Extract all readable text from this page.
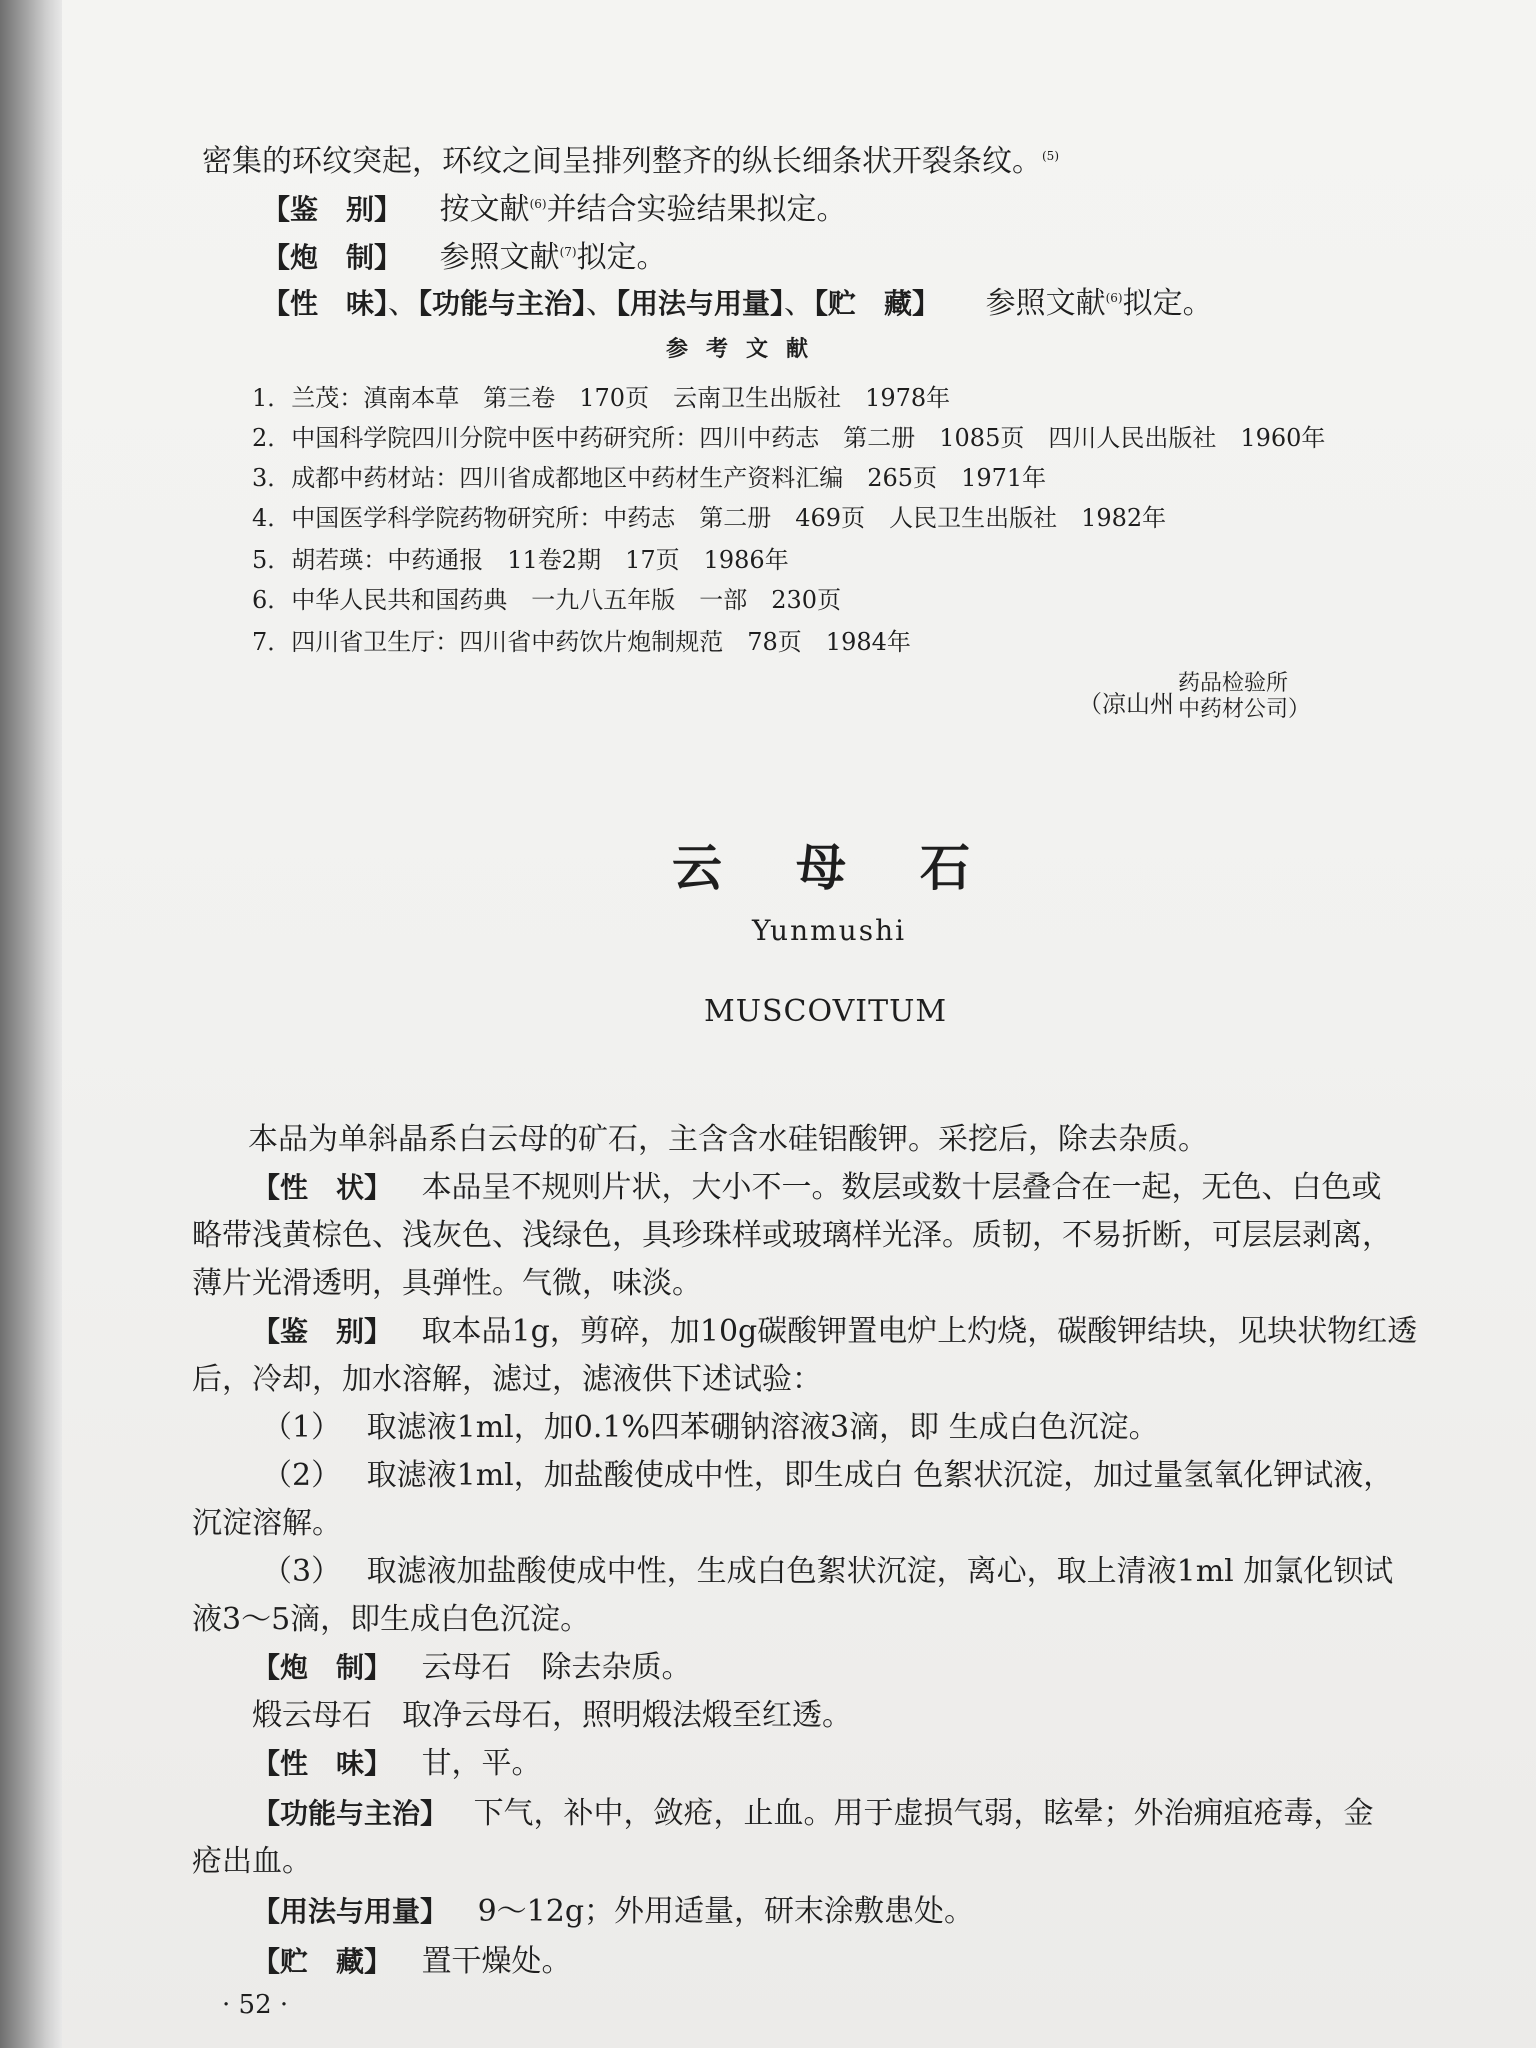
密集的环纹突起，环纹之间呈排列整齐的纵长细条状开裂条纹。$^{(5)}$
【鉴　别】 按文献$^{(6)}$并结合实验结果拟定。
【炮　制】 参照文献$^{(7)}$拟定。
【性　味】、【功能与主治】、【用法与用量】、【贮　藏】 参照文献$^{(6)}$拟定。
参考文献
1．兰茂：滇南本草　第三卷　170页　云南卫生出版社　1978年
2．中国科学院四川分院中医中药研究所：四川中药志　第二册　1085页　四川人民出版社　1960年
3．成都中药材站：四川省成都地区中药材生产资料汇编　265页　1971年
4．中国医学科学院药物研究所：中药志　第二册　469页　人民卫生出版社　1982年
5．胡若瑛：中药通报　11卷2期　17页　1986年
6．中华人民共和国药典　一九八五年版　一部　230页
7．四川省卫生厅：四川省中药饮片炮制规范　78页　1984年
（凉山州
药品检验所
中药材公司）
云母石
Yunmushi
MUSCOVITUM
本品为单斜晶系白云母的矿石，主含含水硅铝酸钾。采挖后，除去杂质。
【性　状】 本品呈不规则片状，大小不一。数层或数十层叠合在一起，无色、白色或
略带浅黄棕色、浅灰色、浅绿色，具珍珠样或玻璃样光泽。质韧，不易折断，可层层剥离，
薄片光滑透明，具弹性。气微，味淡。
【鉴　别】 取本品1g，剪碎，加10g碳酸钾置电炉上灼烧，碳酸钾结块，见块状物红透
后，冷却，加水溶解，滤过，滤液供下述试验：
（1） 取滤液1ml，加0.1%四苯硼钠溶液3滴，即 生成白色沉淀。
（2） 取滤液1ml，加盐酸使成中性，即生成白 色絮状沉淀，加过量氢氧化钾试液，
沉淀溶解。
（3） 取滤液加盐酸使成中性，生成白色絮状沉淀，离心，取上清液1ml 加氯化钡试
液3～5滴，即生成白色沉淀。
【炮　制】 云母石　除去杂质。
煅云母石　取净云母石，照明煅法煅至红透。
【性　味】 甘，平。
【功能与主治】 下气，补中，敛疮，止血。用于虚损气弱，眩晕；外治痈疽疮毒，金
疮出血。
【用法与用量】 9～12g；外用适量，研末涂敷患处。
【贮　藏】 置干燥处。
· 52 ·
